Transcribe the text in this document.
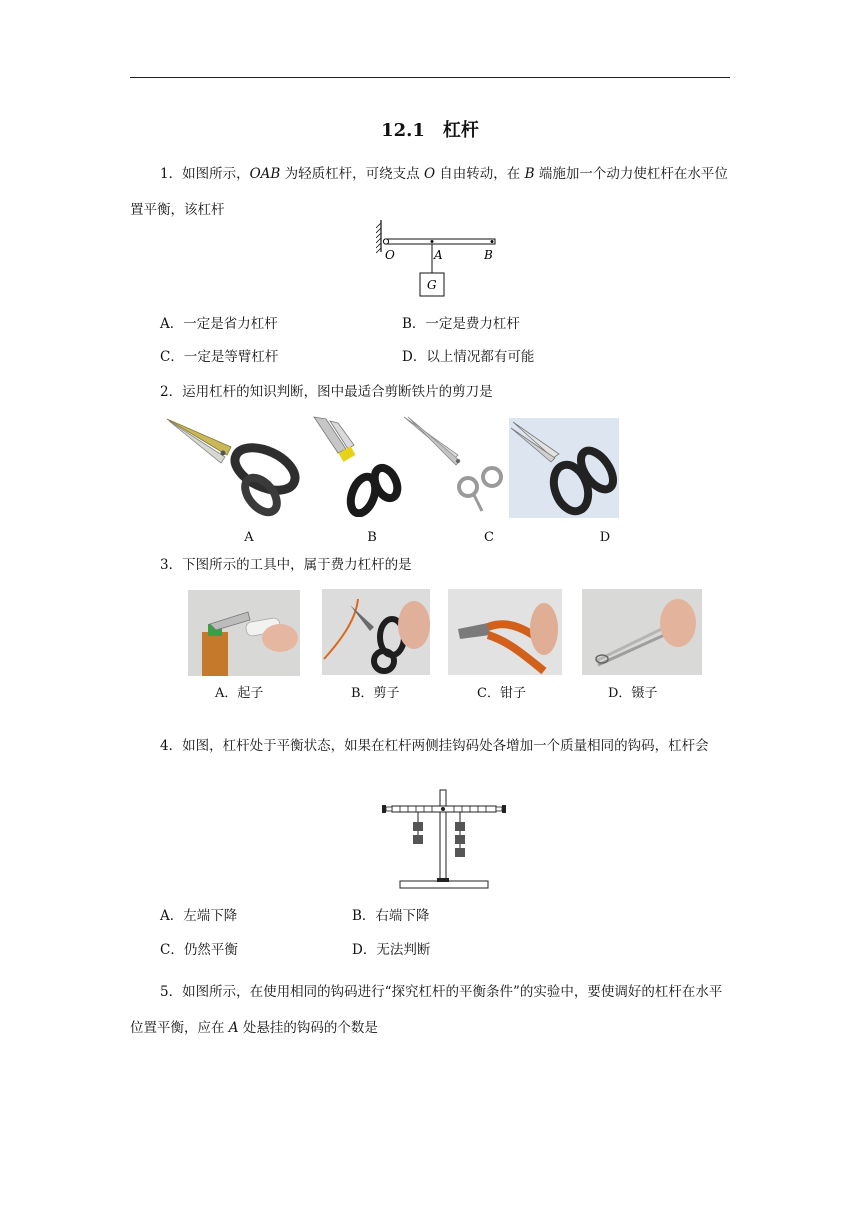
12.1　杠杆
1．如图所示，OAB 为轻质杠杆，可绕支点 O 自由转动，在 B 端施加一个动力使杠杆在水平位置平衡，该杠杆
O	A	B
G
A．一定是省力杠杆	B．一定是费力杠杆
C．一定是等臂杠杆	D．以上情况都有可能
2．运用杠杆的知识判断，图中最适合剪断铁片的剪刀是
A	B	C	D
3．下图所示的工具中，属于费力杠杆的是
A．起子	B．剪子	C．钳子	D．镊子
4．如图，杠杆处于平衡状态，如果在杠杆两侧挂钩码处各增加一个质量相同的钩码，杠杆会
A．左端下降	B．右端下降
C．仍然平衡	D．无法判断
5．如图所示，在使用相同的钩码进行“探究杠杆的平衡条件”的实验中，要使调好的杠杆在水平位置平衡，应在 A 处悬挂的钩码的个数是
